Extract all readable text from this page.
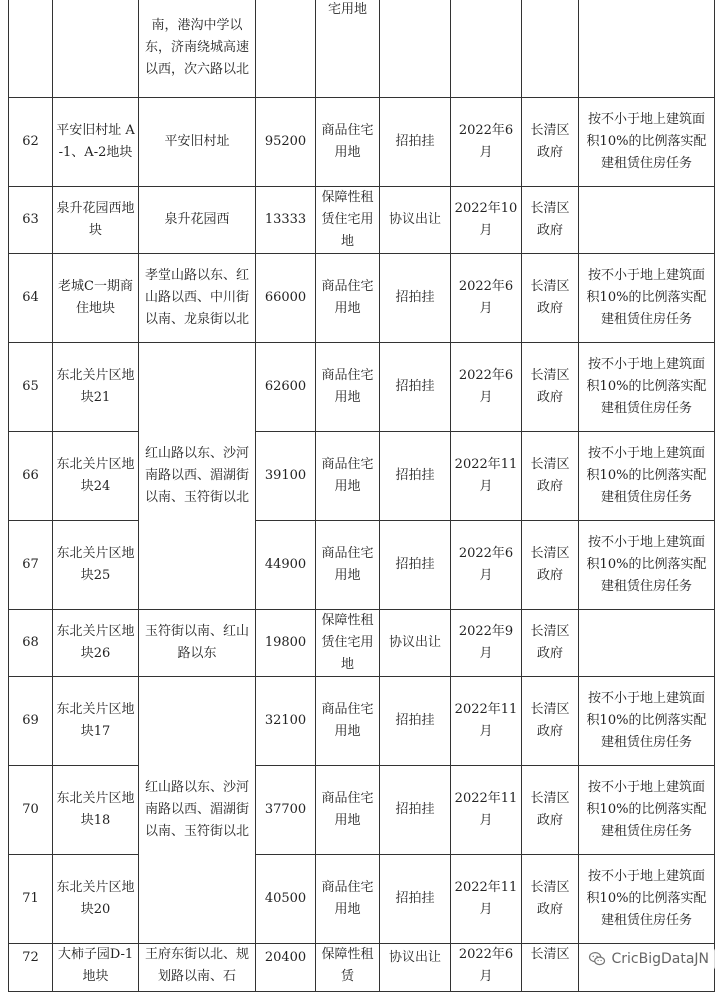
		南，港沟中学以东，济南绕城高速以西，次六路以北		宅用地				
62	平安旧村址 A-1、A-2地块	平安旧村址	95200	商品住宅用地	招拍挂	2022年6月	长清区政府	按不小于地上建筑面积10%的比例落实配建租赁住房任务
63	泉升花园西地块	泉升花园西	13333	保障性租赁住宅用地	协议出让	2022年10月	长清区政府	
64	老城C一期商住地块	孝堂山路以东、红山路以西、中川街以南、龙泉街以北	66000	商品住宅用地	招拍挂	2022年6月	长清区政府	按不小于地上建筑面积10%的比例落实配建租赁住房任务
65	东北关片区地块21	红山路以东、沙河南路以西、湄湖街以南、玉符街以北	62600	商品住宅用地	招拍挂	2022年6月	长清区政府	按不小于地上建筑面积10%的比例落实配建租赁住房任务
66	东北关片区地块24		39100	商品住宅用地	招拍挂	2022年11月	长清区政府	按不小于地上建筑面积10%的比例落实配建租赁住房任务
67	东北关片区地块25		44900	商品住宅用地	招拍挂	2022年6月	长清区政府	按不小于地上建筑面积10%的比例落实配建租赁住房任务
68	东北关片区地块26	玉符街以南、红山路以东	19800	保障性租赁住宅用地	协议出让	2022年9月	长清区政府	
69	东北关片区地块17	红山路以东、沙河南路以西、湄湖街以南、玉符街以北	32100	商品住宅用地	招拍挂	2022年11月	长清区政府	按不小于地上建筑面积10%的比例落实配建租赁住房任务
70	东北关片区地块18		37700	商品住宅用地	招拍挂	2022年11月	长清区政府	按不小于地上建筑面积10%的比例落实配建租赁住房任务
71	东北关片区地块20		40500	商品住宅用地	招拍挂	2022年11月	长清区政府	按不小于地上建筑面积10%的比例落实配建租赁住房任务
72	大柿子园D-1地块	王府东街以北、规划路以南、石	20400	保障性租赁	协议出让	2022年6月	长清区		CricBigDataJN
